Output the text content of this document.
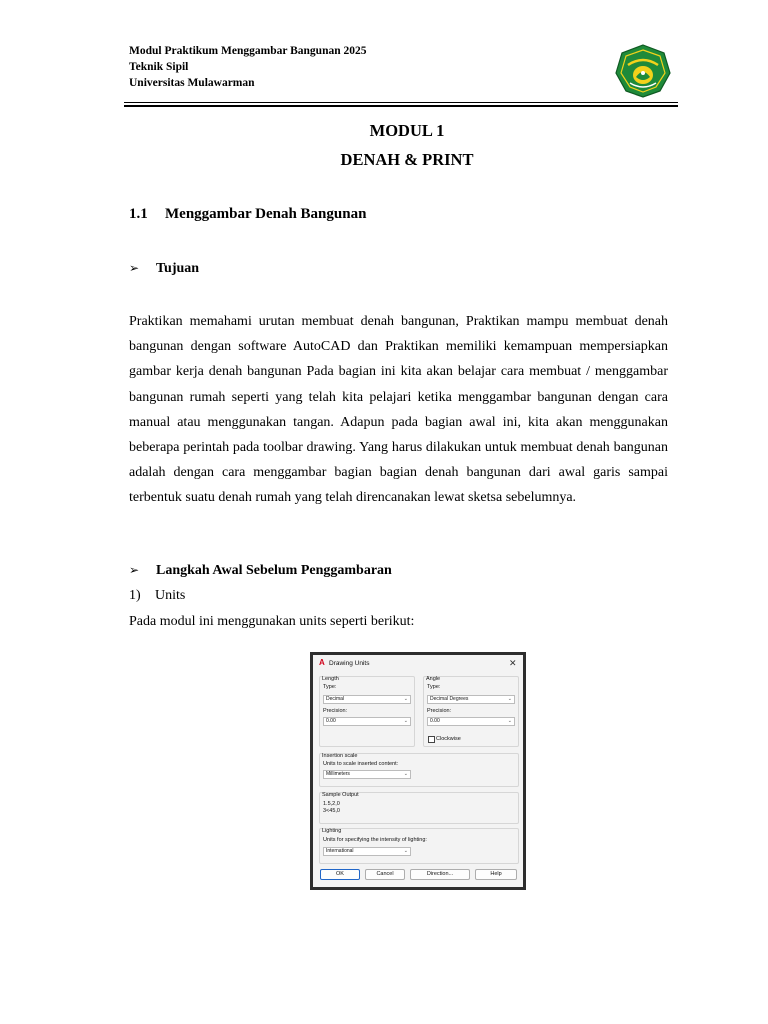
Modul Praktikum Menggambar Bangunan 2025
Teknik Sipil
Universitas Mulawarman
MODUL 1
DENAH & PRINT
1.1 Menggambar Denah Bangunan
➢ Tujuan
Praktikan memahami urutan membuat denah bangunan, Praktikan mampu membuat denah bangunan dengan software AutoCAD dan Praktikan memiliki kemampuan mempersiapkan gambar kerja denah bangunan Pada bagian ini kita akan belajar cara membuat / menggambar bangunan rumah seperti yang telah kita pelajari ketika menggambar bangunan dengan cara manual atau menggunakan tangan. Adapun pada bagian awal ini, kita akan menggunakan beberapa perintah pada toolbar drawing. Yang harus dilakukan untuk membuat denah bangunan adalah dengan cara menggambar bagian bagian denah bangunan dari awal garis sampai terbentuk suatu denah rumah yang telah direncanakan lewat sketsa sebelumnya.
➢ Langkah Awal Sebelum Penggambaran
1) Units
Pada modul ini menggunakan units seperti berikut:
A Drawing Units	✕
Length
Type:
Decimal	⌄
Precision:
0.00	⌄
Angle
Type:
Decimal Degrees	⌄
Precision:
0.00	⌄
Clockwise
Insertion scale
Units to scale inserted content:
Millimeters	⌄
Sample Output
1.5,2,0
3<45,0
Lighting
Units for specifying the intensity of lighting:
International	⌄
OK	Cancel	Direction...	Help
